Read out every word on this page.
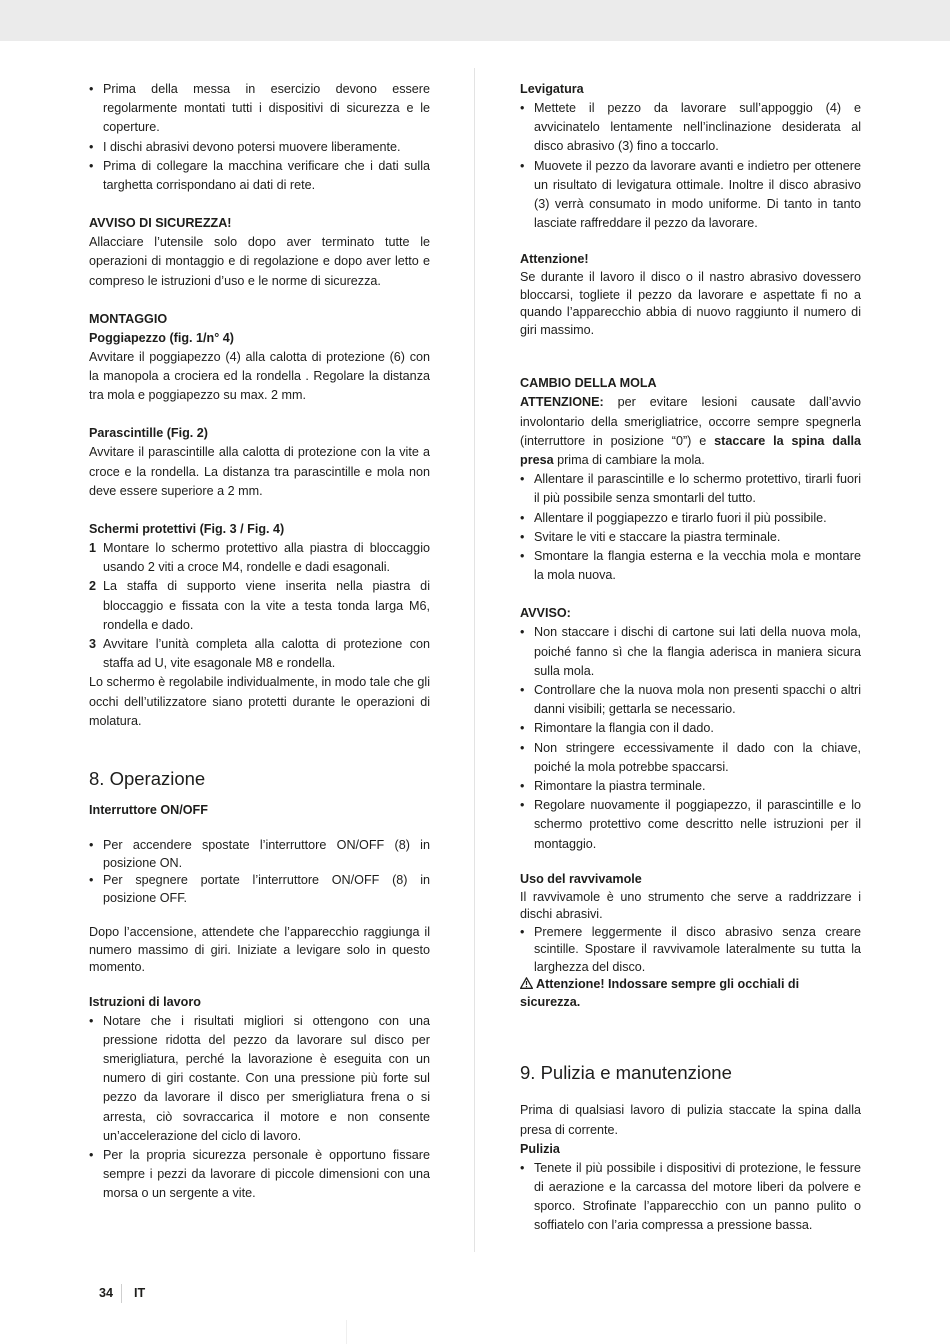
• Prima della messa in esercizio devono essere regolarmente montati tutti i dispositivi di sicurezza e le coperture.
• I dischi abrasivi devono potersi muovere liberamente.
• Prima di collegare la macchina verificare che i dati sulla targhetta corrispondano ai dati di rete.
AVVISO DI SICUREZZA!

Allacciare l’utensile solo dopo aver terminato tutte le operazioni di montaggio e di regolazione e dopo aver letto e compreso le istruzioni d’uso e le norme di sicurezza.

MONTAGGIO
Poggiapezzo (fig. 1/n° 4)

Avvitare il poggiapezzo (4) alla calotta di protezione (6) con la manopola a crociera ed la rondella . Regolare la distanza tra mola e poggiapezzo su max. 2 mm.

Parascintille (Fig. 2)

Avvitare il parascintille alla calotta di protezione con la vite a croce e la rondella. La distanza tra parascintille e mola non deve essere superiore a 2 mm.

Schermi protettivi (Fig. 3 / Fig. 4)
1 Montare lo schermo protettivo alla piastra di bloccaggio usando 2 viti a croce M4, rondelle e dadi esagonali.
2 La staffa di supporto viene inserita nella piastra di bloccaggio e fissata con la vite a testa tonda larga M6, rondella e dado.
3 Avvitare l’unità completa alla calotta di protezione con staffa ad U, vite esagonale M8 e rondella.

Lo schermo è regolabile individualmente, in modo tale che gli occhi dell’utilizzatore siano protetti durante le operazioni di molatura.

8. Operazione
Interruttore ON/OFF
• Per accendere spostate l’interruttore ON/OFF (8) in posizione ON.
• Per spegnere portate l’interruttore ON/OFF (8) in posizione OFF.

Dopo l’accensione, attendete che l’apparecchio raggiunga il numero massimo di giri. Iniziate a levigare solo in questo momento.

Istruzioni di lavoro
• Notare che i risultati migliori si ottengono con una pressione ridotta del pezzo da lavorare sul disco per smerigliatura, perché la lavorazione è eseguita con un numero di giri costante. Con una pressione più forte sul pezzo da lavorare il disco per smerigliatura frena o si arresta, ciò sovraccarica il motore e non consente un’accelerazione del ciclo di lavoro.
• Per la propria sicurezza personale è opportuno fissare sempre i pezzi da lavorare di piccole dimensioni con una morsa o un sergente a vite.
Levigatura
• Mettete il pezzo da lavorare sull’appoggio (4) e avvicinatelo lentamente nell’inclinazione desiderata al disco abrasivo (3) fino a toccarlo.
• Muovete il pezzo da lavorare avanti e indietro per ottenere un risultato di levigatura ottimale. Inoltre il disco abrasivo (3) verrà consumato in modo uniforme. Di tanto in tanto lasciate raffreddare il pezzo da lavorare.
Attenzione!

Se durante il lavoro il disco o il nastro abrasivo dovessero bloccarsi, togliete il pezzo da lavorare e aspettate fi no a quando l’apparecchio abbia di nuovo raggiunto il numero di giri massimo.

CAMBIO DELLA MOLA

ATTENZIONE: per evitare lesioni causate dall’avvio involontario della smerigliatrice, occorre sempre spegnerla (interruttore in posizione “0”) e staccare la spina dalla presa prima di cambiare la mola.

• Allentare il parascintille e lo schermo protettivo, tirarli fuori il più possibile senza smontarli del tutto.
• Allentare il poggiapezzo e tirarlo fuori il più possibile.
• Svitare le viti e staccare la piastra terminale.
• Smontare la flangia esterna e la vecchia mola e montare la mola nuova.
AVVISO:
• Non staccare i dischi di cartone sui lati della nuova mola, poiché fanno sì che la flangia aderisca in maniera sicura sulla mola.
• Controllare che la nuova mola non presenti spacchi o altri danni visibili; gettarla se necessario.
• Rimontare la flangia con il dado.
• Non stringere eccessivamente il dado con la chiave, poiché la mola potrebbe spaccarsi.
• Rimontare la piastra terminale.
• Regolare nuovamente il poggiapezzo, il parascintille e lo schermo protettivo come descritto nelle istruzioni per il montaggio.
Uso del ravvivamole

Il ravvivamole è uno strumento che serve a raddrizzare i dischi abrasivi.

• Premere leggermente il disco abrasivo senza creare scintille. Spostare il ravvivamole lateralmente su tutta la larghezza del disco.
Attenzione! Indossare sempre gli occhiali di sicurezza.
9. Pulizia e manutenzione

Prima di qualsiasi lavoro di pulizia staccate la spina dalla presa di corrente.

Pulizia
• Tenete il più possibile i dispositivi di protezione, le fessure di aerazione e la carcassa del motore liberi da polvere e sporco. Strofinate l’apparecchio con un panno pulito o soffiatelo con l’aria compressa a pressione bassa.
34 IT
